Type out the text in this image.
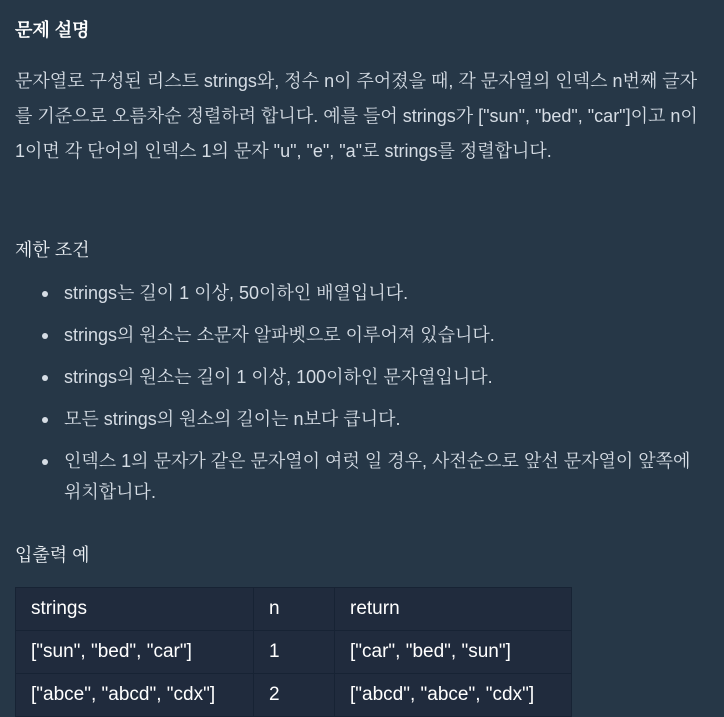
문제 설명

문자열로 구성된 리스트 strings와, 정수 n이 주어졌을 때, 각 문자열의 인덱스 n번째 글자를 기준으로 오름차순 정렬하려 합니다. 예를 들어 strings가 ["sun", "bed", "car"]이고 n이 1이면 각 단어의 인덱스 1의 문자 "u", "e", "a"로 strings를 정렬합니다.

제한 조건
strings는 길이 1 이상, 50이하인 배열입니다.
strings의 원소는 소문자 알파벳으로 이루어져 있습니다.
strings의 원소는 길이 1 이상, 100이하인 문자열입니다.
모든 strings의 원소의 길이는 n보다 큽니다.
인덱스 1의 문자가 같은 문자열이 여럿 일 경우, 사전순으로 앞선 문자열이 앞쪽에 위치합니다.
입출력 예
strings	n	return
["sun", "bed", "car"]	1	["car", "bed", "sun"]
["abce", "abcd", "cdx"]	2	["abcd", "abce", "cdx"]
